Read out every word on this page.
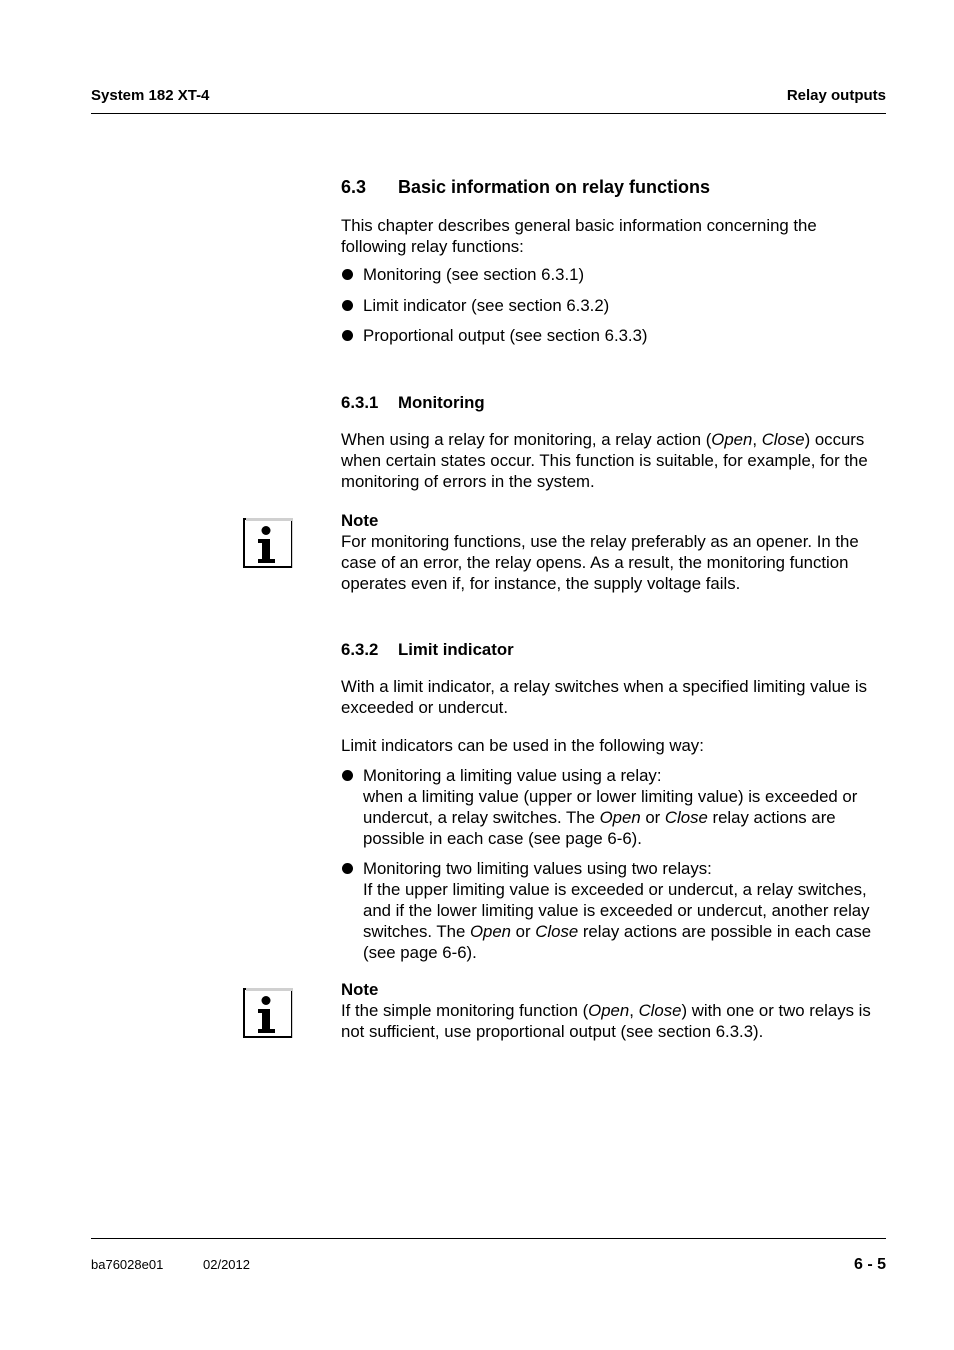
System 182 XT-4	Relay outputs
6.3 Basic information on relay functions
This chapter describes general basic information concerning the following relay functions:
Monitoring (see section 6.3.1)
Limit indicator (see section 6.3.2)
Proportional output (see section 6.3.3)
6.3.1 Monitoring
When using a relay for monitoring, a relay action (Open, Close) occurs when certain states occur. This function is suitable, for example, for the monitoring of errors in the system.
Note
For monitoring functions, use the relay preferably as an opener. In the case of an error, the relay opens. As a result, the monitoring function operates even if, for instance, the supply voltage fails.
6.3.2 Limit indicator
With a limit indicator, a relay switches when a specified limiting value is exceeded or undercut.
Limit indicators can be used in the following way:
Monitoring a limiting value using a relay:
when a limiting value (upper or lower limiting value) is exceeded or undercut, a relay switches. The Open or Close relay actions are possible in each case (see page 6-6).
Monitoring two limiting values using two relays:
If the upper limiting value is exceeded or undercut, a relay switches, and if the lower limiting value is exceeded or undercut, another relay switches. The Open or Close relay actions are possible in each case (see page 6-6).
Note
If the simple monitoring function (Open, Close) with one or two relays is not sufficient, use proportional output (see section 6.3.3).
ba76028e01	02/2012	6 - 5
